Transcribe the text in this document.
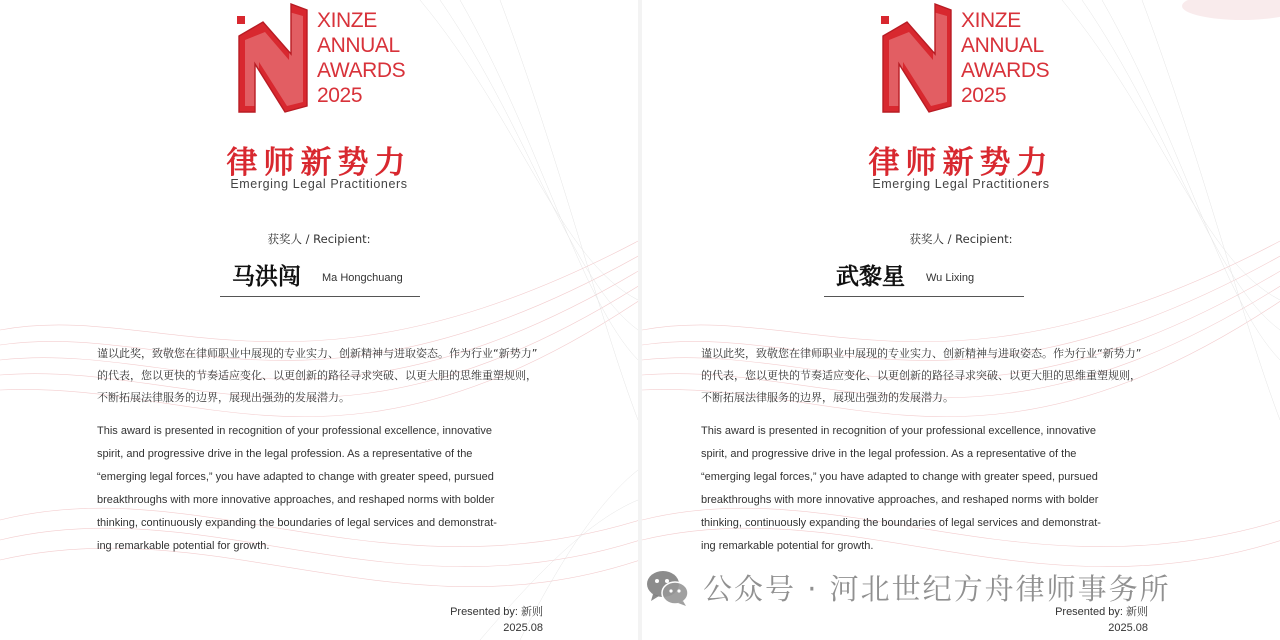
XINZE
ANNUAL
AWARDS
2025
律师新势力
Emerging Legal Practitioners
获奖人 / Recipient:
马洪闯 Ma Hongchuang
谨以此奖，致敬您在律师职业中展现的专业实力、创新精神与进取姿态。作为行业“新势力”
的代表，您以更快的节奏适应变化、以更创新的路径寻求突破、以更大胆的思维重塑规则，
不断拓展法律服务的边界，展现出强劲的发展潜力。
This award is presented in recognition of your professional excellence, innovative
spirit, and progressive drive in the legal profession. As a representative of the
“emerging legal forces,” you have adapted to change with greater speed, pursued
breakthroughs with more innovative approaches, and reshaped norms with bolder
thinking, continuously expanding the boundaries of legal services and demonstrat-
ing remarkable potential for growth.
Presented by: 新则
2025.08
XINZE
ANNUAL
AWARDS
2025
律师新势力
Emerging Legal Practitioners
获奖人 / Recipient:
武黎星 Wu Lixing
谨以此奖，致敬您在律师职业中展现的专业实力、创新精神与进取姿态。作为行业“新势力”
的代表，您以更快的节奏适应变化、以更创新的路径寻求突破、以更大胆的思维重塑规则，
不断拓展法律服务的边界，展现出强劲的发展潜力。
This award is presented in recognition of your professional excellence, innovative
spirit, and progressive drive in the legal profession. As a representative of the
“emerging legal forces,” you have adapted to change with greater speed, pursued
breakthroughs with more innovative approaches, and reshaped norms with bolder
thinking, continuously expanding the boundaries of legal services and demonstrat-
ing remarkable potential for growth.
Presented by: 新则
2025.08
公众号 · 河北世纪方舟律师事务所
